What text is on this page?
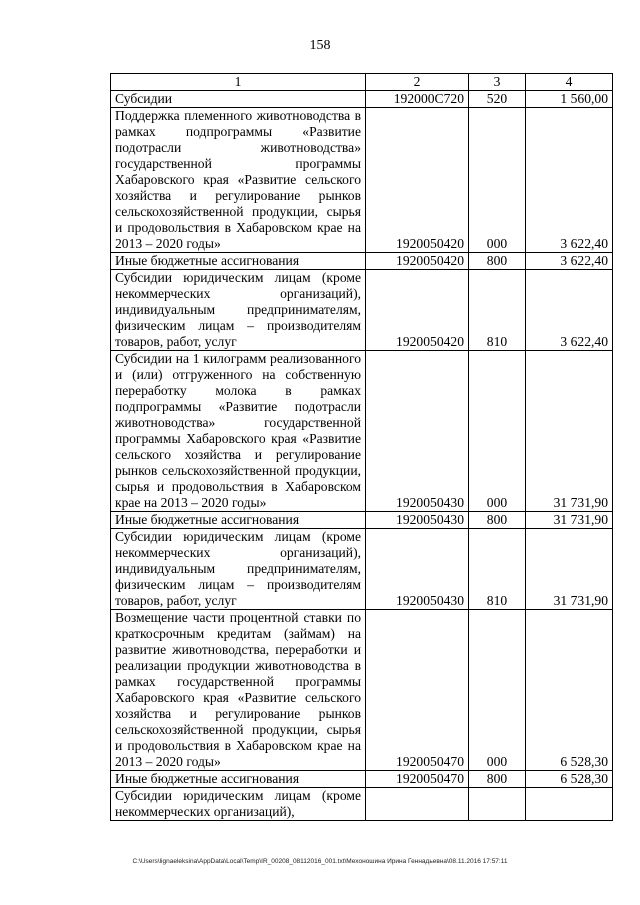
158
1	2	3	4
Субсидии	192000С720	520	1 560,00
Поддержка племенного животноводства в рамках подпрограммы «Развитие подотрасли животноводства» государственной программы Хабаровского края «Развитие сельского хозяйства и регулирование рынков сельскохозяйственной продукции, сырья и продовольствия в Хабаровском крае на 2013 – 2020 годы»	1920050420	000	3 622,40
Иные бюджетные ассигнования	1920050420	800	3 622,40
Субсидии юридическим лицам (кроме некоммерческих организаций), индивидуальным предпринимателям, физическим лицам – производителям товаров, работ, услуг	1920050420	810	3 622,40
Субсидии на 1 килограмм реализованного и (или) отгруженного на собственную переработку молока в рамках подпрограммы «Развитие подотрасли животноводства» государственной программы Хабаровского края «Развитие сельского хозяйства и регулирование рынков сельскохозяйственной продукции, сырья и продовольствия в Хабаровском крае на 2013 – 2020 годы»	1920050430	000	31 731,90
Иные бюджетные ассигнования	1920050430	800	31 731,90
Субсидии юридическим лицам (кроме некоммерческих организаций), индивидуальным предпринимателям, физическим лицам – производителям товаров, работ, услуг	1920050430	810	31 731,90
Возмещение части процентной ставки по краткосрочным кредитам (займам) на развитие животноводства, переработки и реализации продукции животноводства в рамках государственной программы Хабаровского края «Развитие сельского хозяйства и регулирование рынков сельскохозяйственной продукции, сырья и продовольствия в Хабаровском крае на 2013 – 2020 годы»	1920050470	000	6 528,30
Иные бюджетные ассигнования	1920050470	800	6 528,30
Субсидии юридическим лицам (кроме некоммерческих организаций),			
C:\Users\lignaeleksina\AppData\Local\Temp\IR_00208_08112016_001.txt\Мехоношина Ирина Геннадьевна\08.11.2016 17:57:11
